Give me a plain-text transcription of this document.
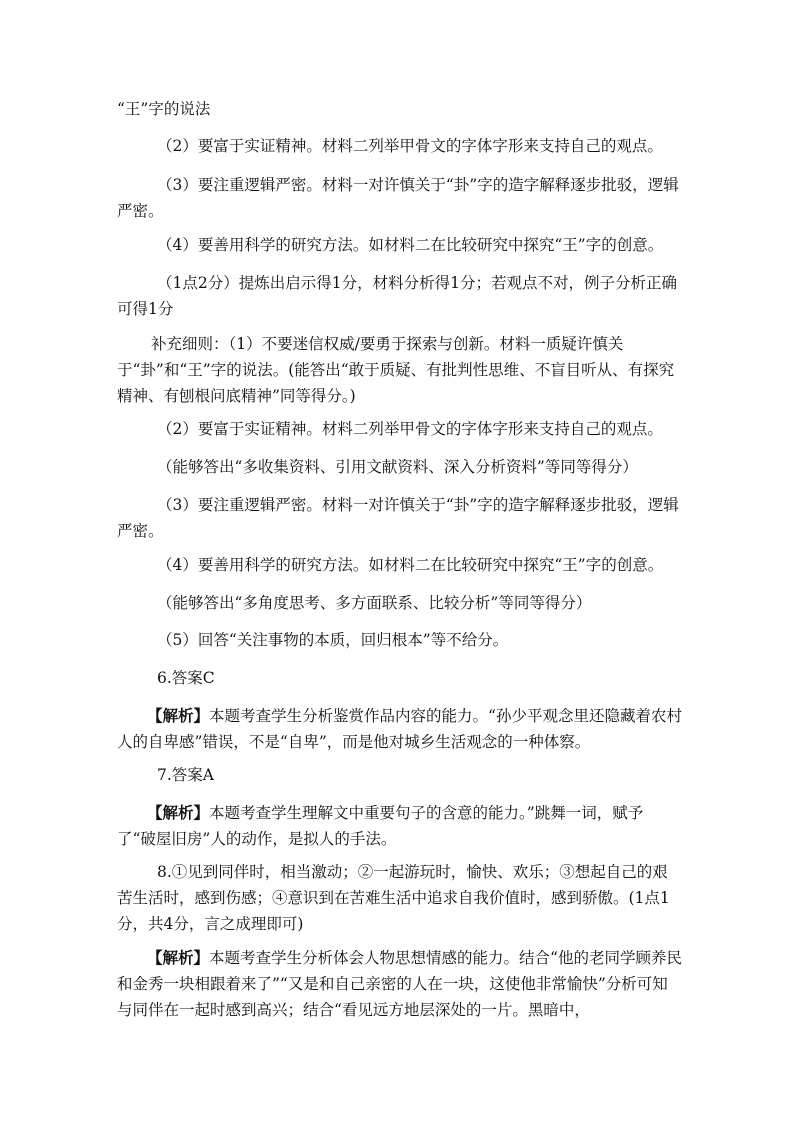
“王”字的说法

（2）要富于实证精神。材料二列举甲骨文的字体字形来支持自己的观点。

（3）要注重逻辑严密。材料一对许慎关于“卦”字的造字解释逐步批驳，逻辑严密。

（4）要善用科学的研究方法。如材料二在比较研究中探究“王”字的创意。

（1点2分）提炼出启示得1分，材料分析得1分；若观点不对，例子分析正确可得1分

补充细则：（1）不要迷信权威/要勇于探索与创新。材料一质疑许慎关于“卦”和“王”字的说法。(能答出“敢于质疑、有批判性思维、不盲目听从、有探究精神、有刨根问底精神”同等得分。)

（2）要富于实证精神。材料二列举甲骨文的字体字形来支持自己的观点。

（能够答出“多收集资料、引用文献资料、深入分析资料”等同等得分）

（3）要注重逻辑严密。材料一对许慎关于“卦”字的造字解释逐步批驳，逻辑严密。

（4）要善用科学的研究方法。如材料二在比较研究中探究“王”字的创意。

（能够答出“多角度思考、多方面联系、比较分析”等同等得分）

（5）回答“关注事物的本质，回归根本”等不给分。

6.答案C

【解析】本题考查学生分析鉴赏作品内容的能力。“孙少平观念里还隐藏着农村人的自卑感”错误，不是“自卑”，而是他对城乡生活观念的一种体察。

7.答案A

【解析】本题考查学生理解文中重要句子的含意的能力。”跳舞一词，赋予了“破屋旧房”人的动作，是拟人的手法。

8.①见到同伴时，相当激动；②一起游玩时，愉快、欢乐；③想起自己的艰苦生活时，感到伤感；④意识到在苦难生活中追求自我价值时，感到骄傲。(1点1分，共4分，言之成理即可)

【解析】本题考查学生分析体会人物思想情感的能力。结合“他的老同学顾养民和金秀一块相跟着来了”“又是和自己亲密的人在一块，这使他非常愉快”分析可知与同伴在一起时感到高兴；结合“看见远方地层深处的一片。黑暗中，
